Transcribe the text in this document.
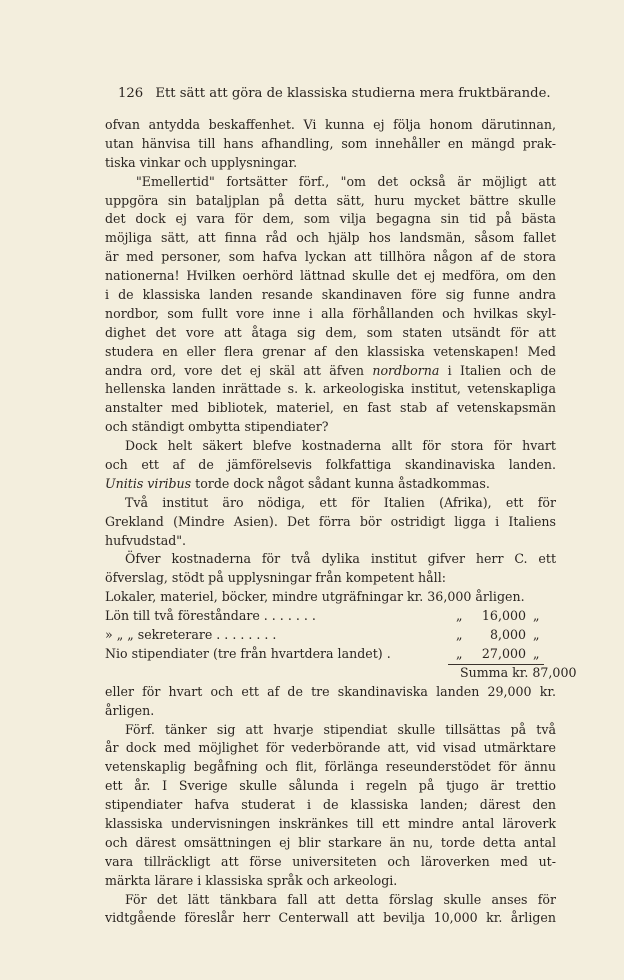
126 Ett sätt att göra de klassiska studierna mera fruktbärande.
ofvan antydda beskaffenhet. Vi kunna ej följa honom därutinnan,
utan hänvisa till hans afhandling, som innehåller en mängd prak-
tiska vinkar och upplysningar.
"Emellertid" fortsätter förf., "om det också är möjligt att
uppgöra sin bataljplan på detta sätt, huru mycket bättre skulle
det dock ej vara för dem, som vilja begagna sin tid på bästa
möjliga sätt, att finna råd och hjälp hos landsmän, såsom fallet
är med personer, som hafva lyckan att tillhöra någon af de stora
nationerna! Hvilken oerhörd lättnad skulle det ej medföra, om den
i de klassiska landen resande skandinaven före sig funne andra
nordbor, som fullt vore inne i alla förhållanden och hvilkas skyl-
dighet det vore att åtaga sig dem, som staten utsändt för att
studera en eller flera grenar af den klassiska vetenskapen! Med
andra ord, vore det ej skäl att äfven nordborna i Italien och de
hellenska landen inrättade s. k. arkeologiska institut, vetenskapliga
anstalter med bibliotek, materiel, en fast stab af vetenskapsmän
och ständigt ombytta stipendiater?
Dock helt säkert blefve kostnaderna allt för stora för hvart
och ett af de jämförelsevis folkfattiga skandinaviska landen.
Unitis viribus torde dock något sådant kunna åstadkommas.
Två institut äro nödiga, ett för Italien (Afrika), ett för
Grekland (Mindre Asien). Det förra bör ostridigt ligga i Italiens
hufvudstad".
Öfver kostnaderna för två dylika institut gifver herr C. ett
öfverslag, stödt på upplysningar från kompetent håll:
Lokaler, materiel, böcker, mindre utgräfningar kr. 36,000 årligen.
Lön till två föreståndare . . . . . . .	„	16,000 „
» „ „ sekreterare . . . . . . . .	„	8,000 „
Nio stipendiater (tre från hvartdera landet) .	„	27,000 „
Summa kr. 87,000
eller för hvart och ett af de tre skandinaviska landen 29,000 kr.
årligen.
Förf. tänker sig att hvarje stipendiat skulle tillsättas på två
år dock med möjlighet för vederbörande att, vid visad utmärktare
vetenskaplig begåfning och flit, förlänga reseunderstödet för ännu
ett år. I Sverige skulle sålunda i regeln på tjugo är trettio
stipendiater hafva studerat i de klassiska landen; därest den
klassiska undervisningen inskränkes till ett mindre antal läroverk
och därest omsättningen ej blir starkare än nu, torde detta antal
vara tillräckligt att förse universiteten och läroverken med ut-
märkta lärare i klassiska språk och arkeologi.
För det lätt tänkbara fall att detta förslag skulle anses för
vidtgående föreslår herr Centerwall att bevilja 10,000 kr. årligen
